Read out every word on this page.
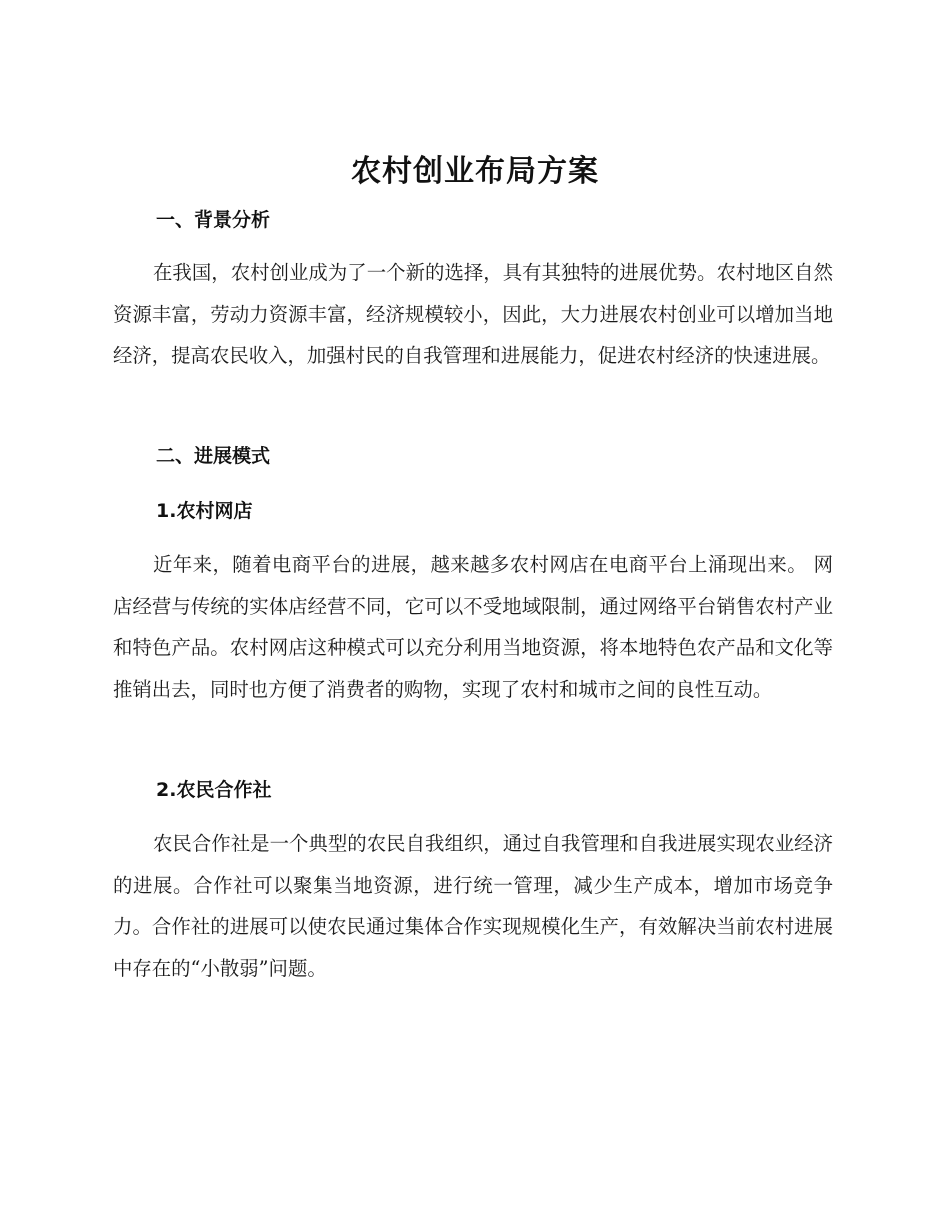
农村创业布局方案
一、背景分析

在我国，农村创业成为了一个新的选择，具有其独特的进展优势。农村地区自然资源丰富，劳动力资源丰富，经济规模较小，因此，大力进展农村创业可以增加当地经济，提高农民收入，加强村民的自我管理和进展能力，促进农村经济的快速进展。

二、进展模式
1.农村网店

近年来，随着电商平台的进展，越来越多农村网店在电商平台上涌现出来。 网店经营与传统的实体店经营不同，它可以不受地域限制，通过网络平台销售农村产业和特色产品。农村网店这种模式可以充分利用当地资源，将本地特色农产品和文化等推销出去，同时也方便了消费者的购物，实现了农村和城市之间的良性互动。

2.农民合作社

农民合作社是一个典型的农民自我组织，通过自我管理和自我进展实现农业经济的进展。合作社可以聚集当地资源，进行统一管理，减少生产成本，增加市场竞争力。合作社的进展可以使农民通过集体合作实现规模化生产，有效解决当前农村进展中存在的“小散弱”问题。
